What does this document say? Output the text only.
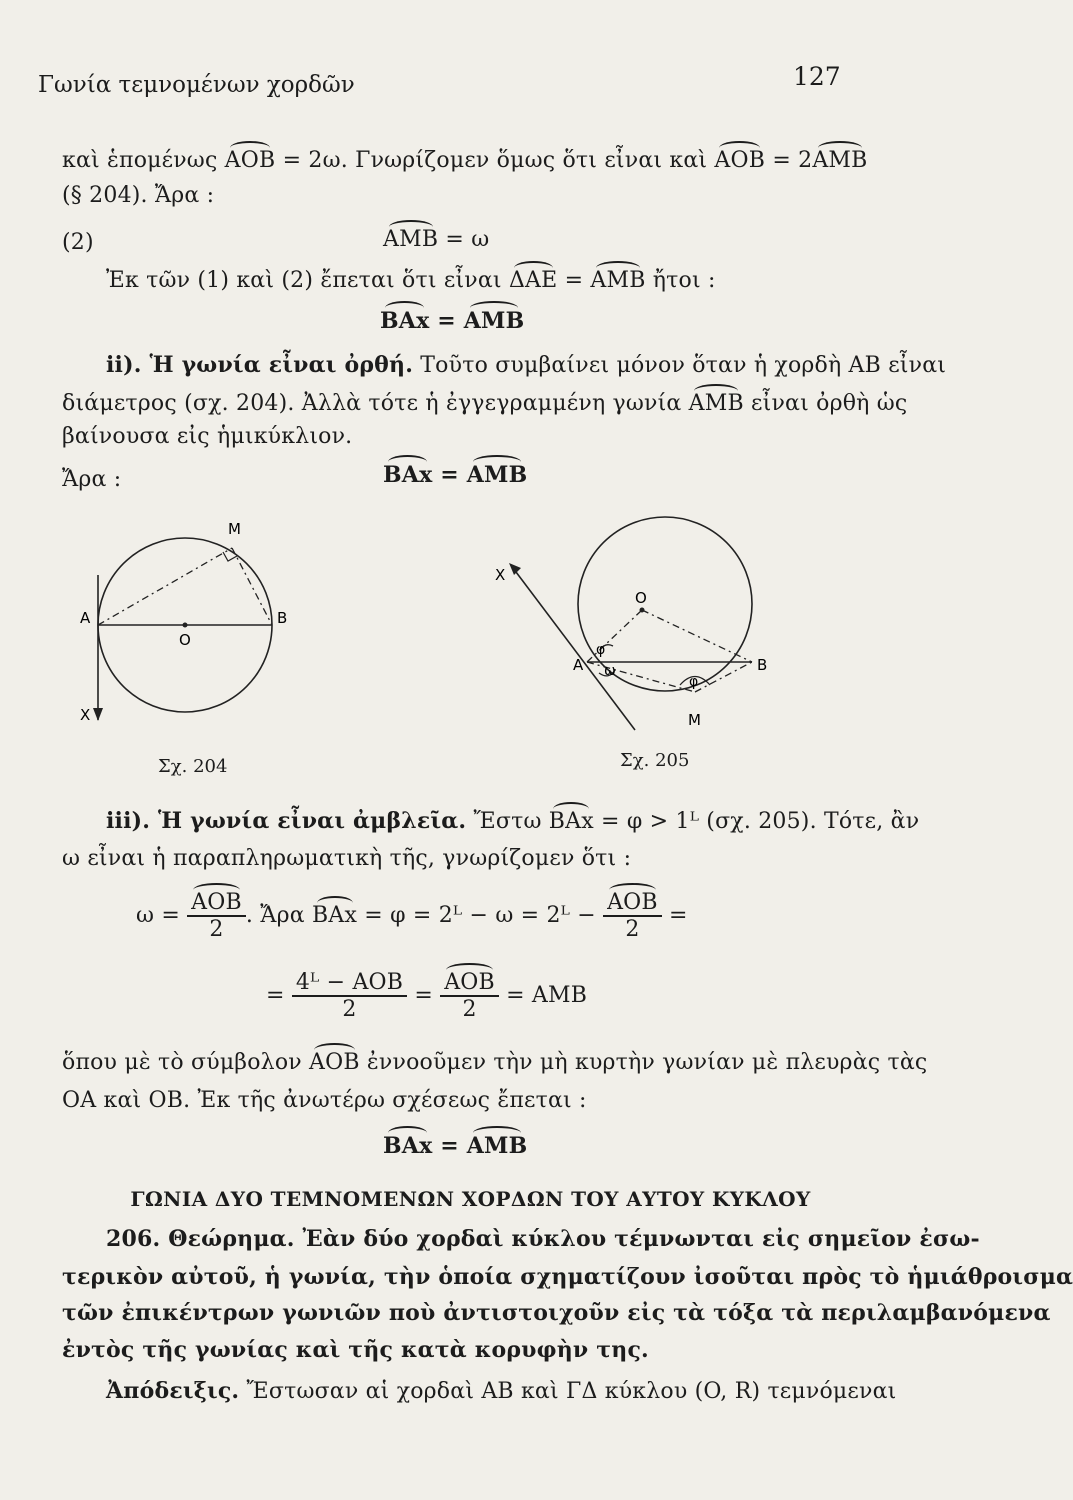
Γωνία τεμνομένων χορδῶν	127
καὶ ἑπομένως AOB = 2ω. Γνωρίζομεν ὅμως ὅτι εἶναι καὶ AOB = 2AMB
(§ 204). Ἄρα :
(2)	AMB = ω
Ἐκ τῶν (1) καὶ (2) ἔπεται ὅτι εἶναι ΔAE = AMB ἤτοι :
BAx = AMB
ii). Ἡ γωνία εἶναι ὀρθή. Τοῦτο συμβαίνει μόνον ὅταν ἡ χορδὴ AB εἶναι
διάμετρος (σχ. 204). Ἀλλὰ τότε ἡ ἐγγεγραμμένη γωνία AMB εἶναι ὀρθὴ ὡς
βαίνουσα εἰς ἡμικύκλιον.
Ἄρα :	BAx = AMB
A	B
O
M
X
Σχ. 204
A	B
O
M
X
φ
ω
φ
Σχ. 205
iii). Ἡ γωνία εἶναι ἀμβλεῖα. Ἔστω BAx = φ > 1ᴸ (σχ. 205). Τότε, ἂν
ω εἶναι ἡ παραπληρωματικὴ τῆς, γνωρίζομεν ὅτι :
$\omega = \frac{\text{AOB}}{2}$ . Ἄρα BAx = φ = 2ᴸ − ω = 2ᴸ − $\frac{\text{AOB}}{2}$ =
= $\frac{\text{4ᴸ − AOB}}{2} = \frac{\text{AOB}}{2}$ = AMB
ὅπου μὲ τὸ σύμβολον AOB ἐννοοῦμεν τὴν μὴ κυρτὴν γωνίαν μὲ πλευρὰς τὰς
OA καὶ OB. Ἐκ τῆς ἀνωτέρω σχέσεως ἔπεται :
BAx = AMB
ΓΩΝΙΑ ΔΥΟ ΤΕΜΝΟΜΕΝΩΝ ΧΟΡΔΩΝ ΤΟΥ ΑΥΤΟΥ ΚΥΚΛΟΥ
206. Θεώρημα. Ἐὰν δύο χορδαὶ κύκλου τέμνωνται εἰς σημεῖον ἐσω-
τερικὸν αὐτοῦ, ἡ γωνία, τὴν ὁποία σχηματίζουν ἰσοῦται πρὸς τὸ ἡμιάθροισμα
τῶν ἐπικέντρων γωνιῶν ποὺ ἀντιστοιχοῦν εἰς τὰ τόξα τὰ περιλαμβανόμενα
ἐντὸς τῆς γωνίας καὶ τῆς κατὰ κορυφὴν της.
Ἀπόδειξις. Ἔστωσαν αἱ χορδαὶ AB καὶ ΓΔ κύκλου (O, R) τεμνόμεναι
